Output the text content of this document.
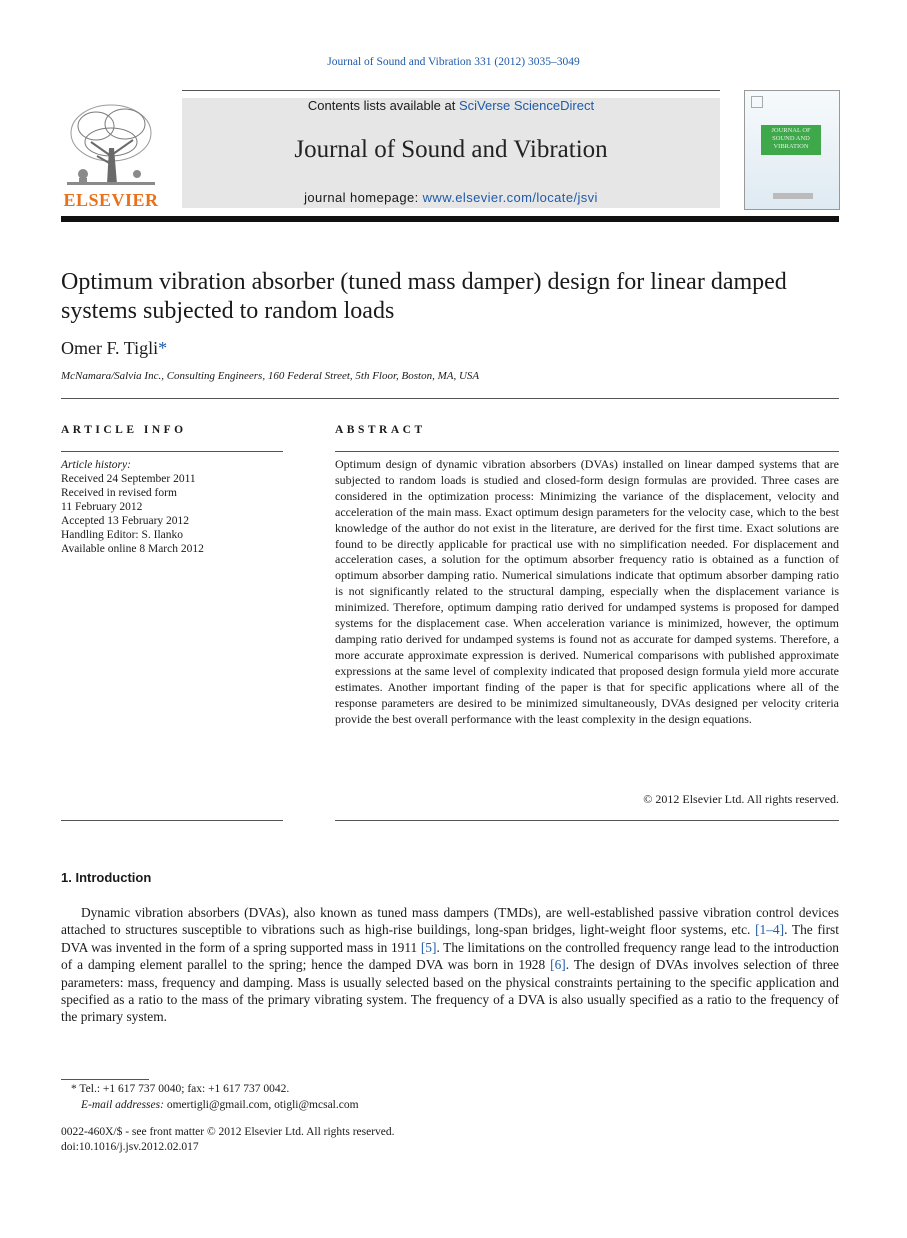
Journal of Sound and Vibration 331 (2012) 3035–3049
Contents lists available at SciVerse ScienceDirect
Journal of Sound and Vibration
journal homepage: www.elsevier.com/locate/jsvi
ELSEVIER
JOURNAL OF SOUND AND VIBRATION
Optimum vibration absorber (tuned mass damper) design for linear damped systems subjected to random loads
Omer F. Tigli*
McNamara/Salvia Inc., Consulting Engineers, 160 Federal Street, 5th Floor, Boston, MA, USA
ARTICLE INFO
Article history:
Received 24 September 2011
Received in revised form
11 February 2012
Accepted 13 February 2012
Handling Editor: S. Ilanko
Available online 8 March 2012
ABSTRACT
Optimum design of dynamic vibration absorbers (DVAs) installed on linear damped systems that are subjected to random loads is studied and closed-form design formulas are provided. Three cases are considered in the optimization process: Minimizing the variance of the displacement, velocity and acceleration of the main mass. Exact optimum design parameters for the velocity case, which to the best knowledge of the author do not exist in the literature, are derived for the first time. Exact solutions are found to be directly applicable for practical use with no simplification needed. For displacement and acceleration cases, a solution for the optimum absorber frequency ratio is obtained as a function of optimum absorber damping ratio. Numerical simulations indicate that optimum absorber damping ratio is not significantly related to the structural damping, especially when the displacement variance is minimized. Therefore, optimum damping ratio derived for undamped systems is proposed for damped systems for the displacement case. When acceleration variance is minimized, however, the optimum damping ratio derived for undamped systems is found not as accurate for damped systems. Therefore, a more accurate approximate expression is derived. Numerical comparisons with published approximate expressions at the same level of complexity indicated that proposed design formula yield more accurate estimates. Another important finding of the paper is that for specific applications where all of the response parameters are desired to be minimized simultaneously, DVAs designed per velocity criteria provide the best overall performance with the least complexity in the design equations.
© 2012 Elsevier Ltd. All rights reserved.
1. Introduction
Dynamic vibration absorbers (DVAs), also known as tuned mass dampers (TMDs), are well-established passive vibration control devices attached to structures susceptible to vibrations such as high-rise buildings, long-span bridges, light-weight floor systems, etc. [1–4]. The first DVA was invented in the form of a spring supported mass in 1911 [5]. The limitations on the controlled frequency range lead to the introduction of a damping element parallel to the spring; hence the damped DVA was born in 1928 [6]. The design of DVAs involves selection of three parameters: mass, frequency and damping. Mass is usually selected based on the physical constraints pertaining to the specific application and specified as a ratio to the mass of the primary vibrating system. The frequency of a DVA is also usually specified as a ratio to the frequency of the primary system.
* Tel.: +1 617 737 0040; fax: +1 617 737 0042.
E-mail addresses: omertigli@gmail.com, otigli@mcsal.com
0022-460X/$ - see front matter © 2012 Elsevier Ltd. All rights reserved.
doi:10.1016/j.jsv.2012.02.017
